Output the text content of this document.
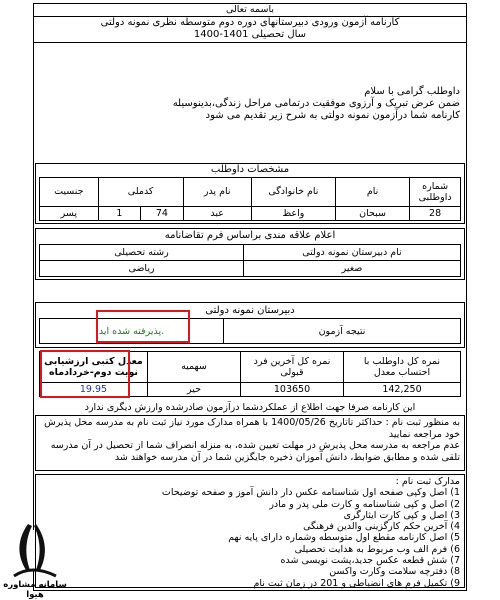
باسمه تعالی
کارنامه آزمون ورودی دبیرستانهای دوره دوم متوسطه نظری نمونه دولتی
سال تحصیلی 1401-1400
داوطلب گرامی با سلام
ضمن عرض تبریک و آرزوی موفقیت درتمامی مراحل زندگی،بدینوسیله
کارنامه شما درآزمون نمونه دولتی به شرح زیر تقدیم می شود
مشخصات داوطلب
شماره داوطلبی	نام	نام خانوادگی	نام پدر	کدملی		جنسیت
28	سبحان	واعظ	عبد	74	1	پسر
اعلام علاقه مندی براساس فرم تقاضانامه
نام دبیرستان نمونه دولتی	رشته تحصیلی
صغیر	ریاضی
دبیرستان نمونه دولتی
نتیجه آزمون	.پذیرفته شده اید
نمره کل داوطلب با احتساب معدل	نمره کل آخرین فرد قبولی	سهمیه	معدل کتبی ارزشیابی نوبت دوم-خردادماه
142,250	103650	حیر	19.95
این کارنامه صرفا جهت اطلاع از عملکردشما درآزمون صادرشده وارزش دیگری ندارد
به منظور ثبت نام : حداکثر تاتاریخ 1400/05/26 با همراه مدارک مورد نیاز ثبت نام به مدرسه محل پذیرش خود مراجعه نمایید
عدم مراجعه به مدرسه محل پذیرش در مهلت تعیین شده، به منزله انصراف شما از تحصیل در آن مدرسه تلقی شده و مطابق ضوابط، دانش آموزان ذخیره جایگزین شما در آن مدرسه خواهند شد
مدارک ثبت نام :
1) اصل وکپی صفحه اول شناسنامه عکس دار دانش آموز و صفحه توضیحات
2) اصل و کپی شناسنامه و کارت ملی پدر و مادر
3) اصل و کپی کارت ایثارگری
4) آخرین حکم کارگزینی والدین فرهنگی
5) اصل کارنامه مقطع اول متوسطه وشماره دارای پایه نهم
6) فرم الف وب مربوط به هدایت تحصیلی
7) شش قطعه عکس جدید،پشت نویسی شده
8) دفترچه سلامت وکارت واکسن
9) تکمیل فرم های انضباطی و 201 در زمان ثبت نام
سامانه مشاوره هیوا
